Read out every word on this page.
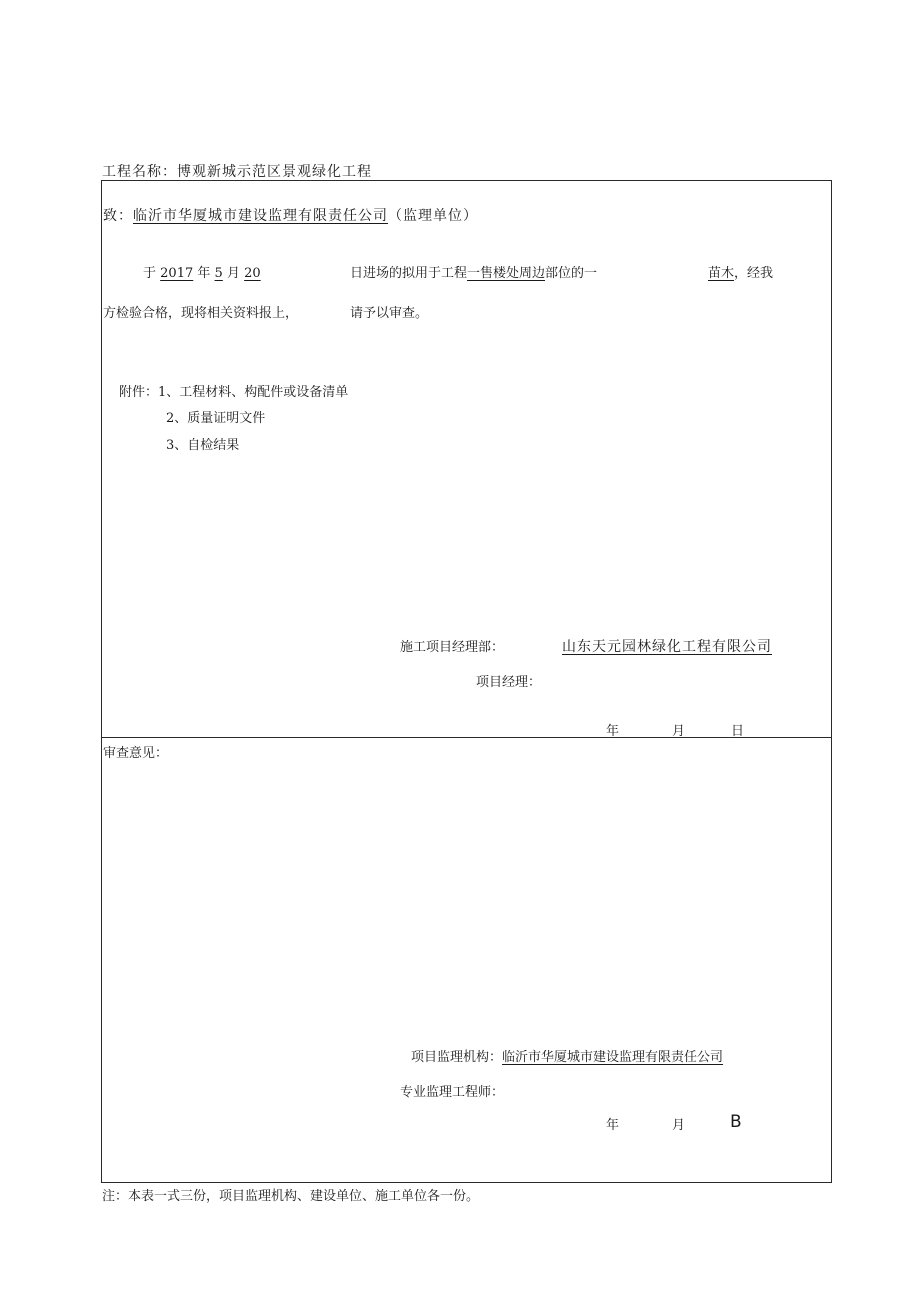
工程名称：博观新城示范区景观绿化工程
致：临沂市华厦城市建设监理有限责任公司（监理单位）
于 2017 年 5 月 20	日进场的拟用于工程一售楼处周边部位的一	苗木，经我
方检验合格，现将相关资料报上，	请予以审查。
附件：1、工程材料、构配件或设备清单
2、质量证明文件
3、自检结果
施工项目经理部：	山东天元园林绿化工程有限公司
项目经理：
年	月	日
审查意见：
项目监理机构：临沂市华厦城市建设监理有限责任公司
专业监理工程师：
年	月	B
注：本表一式三份，项目监理机构、建设单位、施工单位各一份。
